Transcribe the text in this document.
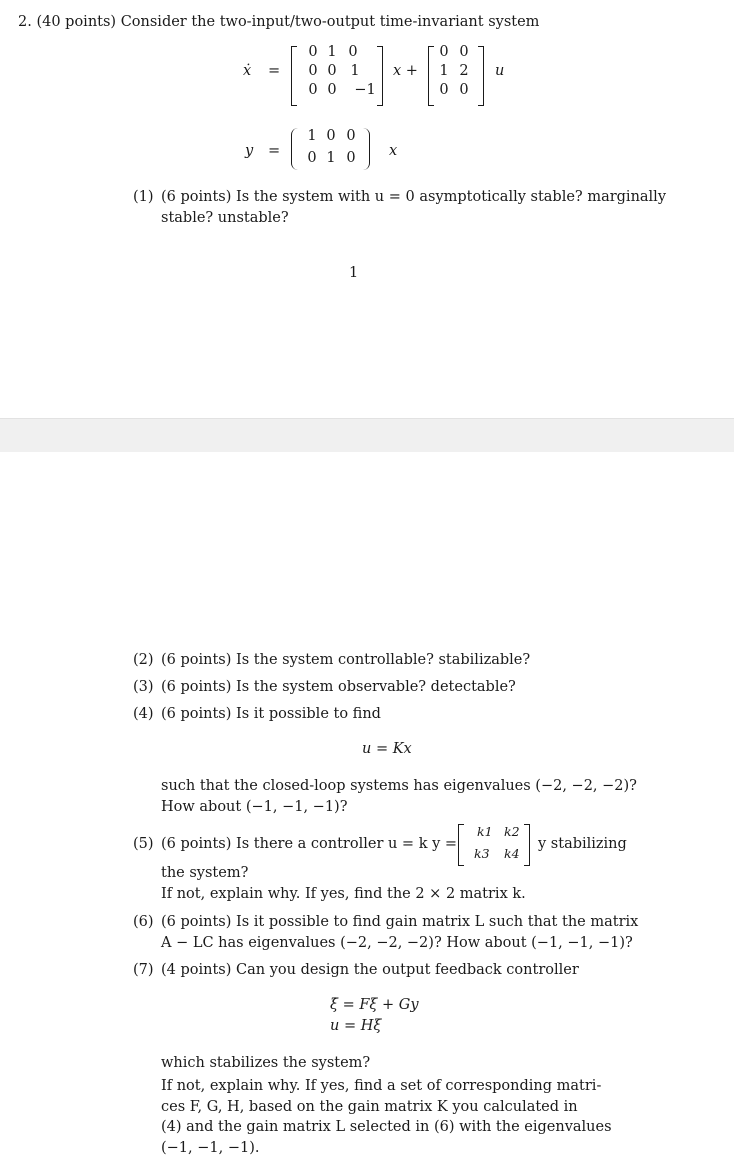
2. (40 points) Consider the two-input/two-output time-invariant system
ẋ =
0 1 0
0 0 1
0 0	−1
x +
0 0
1 2
0 0
u
y =
1 0 0
0 1 0	x
(1) (6 points) Is the system with u = 0 asymptotically stable? marginally
stable? unstable?
1
(2) (6 points) Is the system controllable? stabilizable?
(3) (6 points) Is the system observable? detectable?
(4) (6 points) Is it possible to find
u = Kx
such that the closed-loop systems has eigenvalues (−2, −2, −2)?
How about (−1, −1, −1)?
(5) (6 points) Is there a controller u = k y =
k1 k2
k3 k4
y stabilizing
the system?
If not, explain why. If yes, find the 2 × 2 matrix k.
(6) (6 points) Is it possible to find gain matrix L such that the matrix
A − LC has eigenvalues (−2, −2, −2)? How about (−1, −1, −1)?
(7) (4 points) Can you design the output feedback controller
ξ̇ = Fξ + Gy
u = Hξ
which stabilizes the system?
If not, explain why. If yes, find a set of corresponding matri-
ces F, G, H, based on the gain matrix K you calculated in
(4) and the gain matrix L selected in (6) with the eigenvalues
(−1, −1, −1).
